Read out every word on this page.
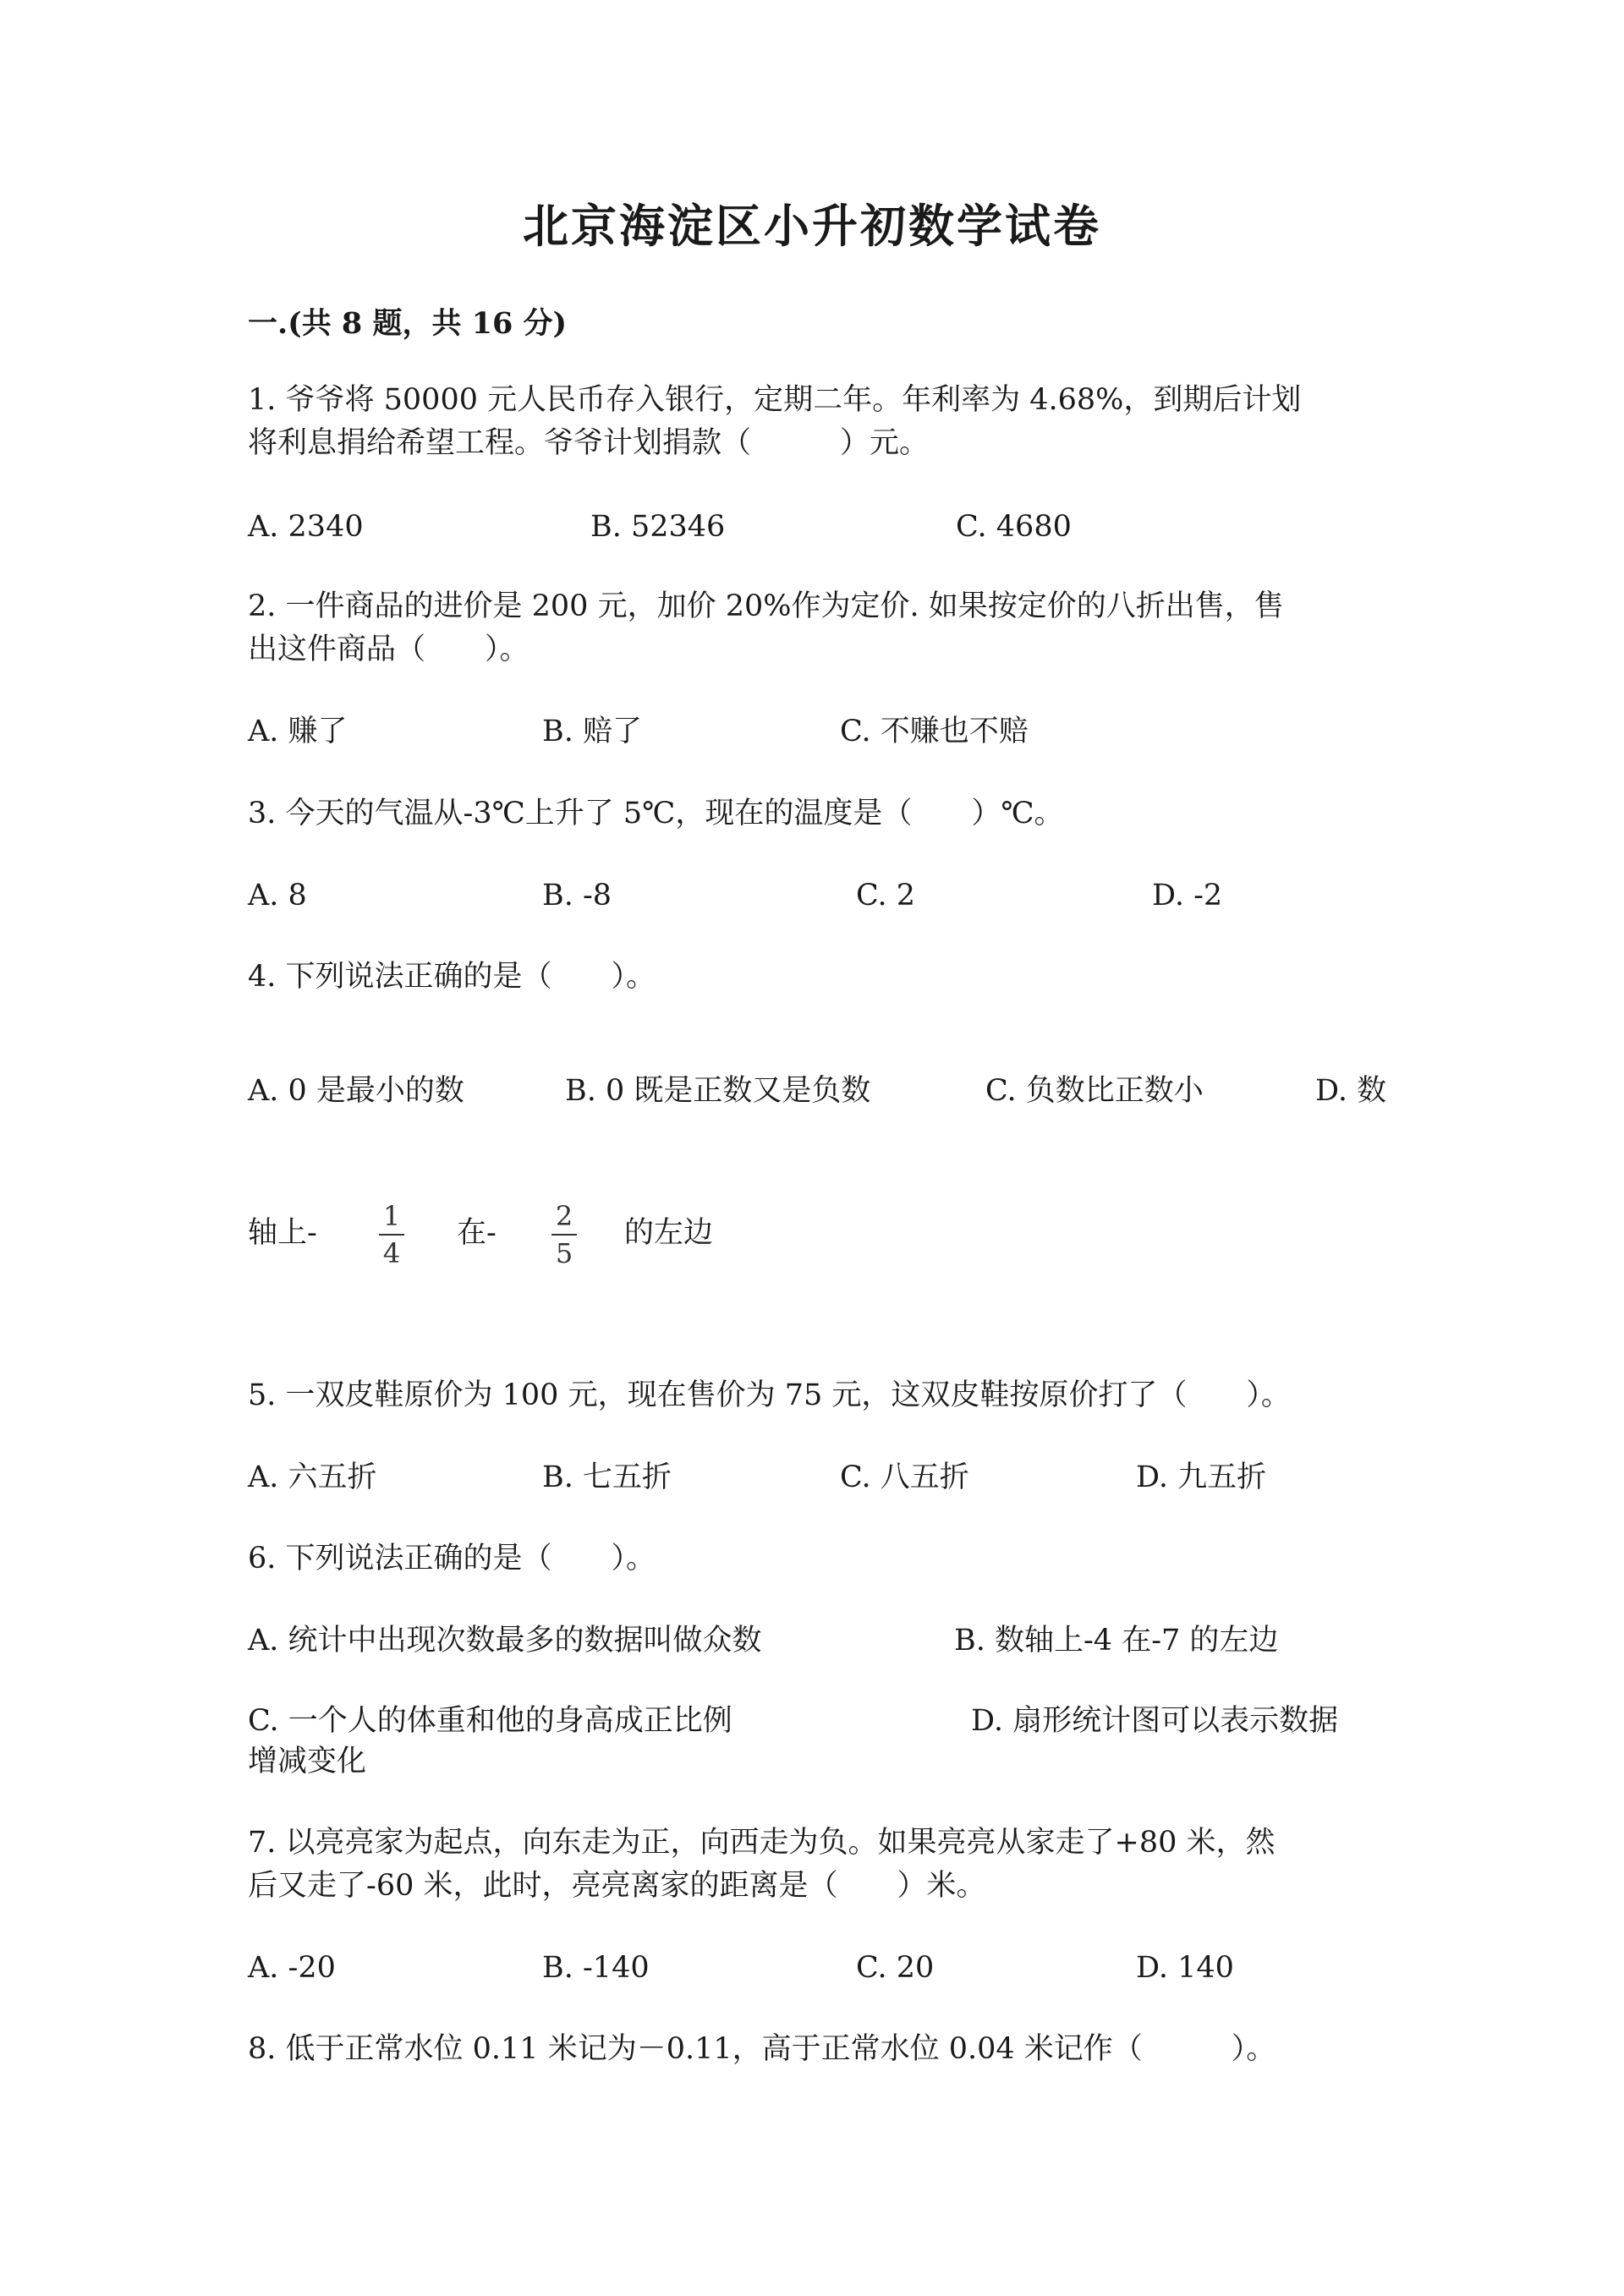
北京海淀区小升初数学试卷
一.(共 8 题，共 16 分)
1. 爷爷将 50000 元人民币存入银行，定期二年。年利率为 4.68%，到期后计划
将利息捐给希望工程。爷爷计划捐款（　　　）元。
A. 2340	B. 52346	C. 4680
2. 一件商品的进价是 200 元，加价 20%作为定价. 如果按定价的八折出售，售
出这件商品（　　）。
A. 赚了	B. 赔了	C. 不赚也不赔
3. 今天的气温从-3℃上升了 5℃，现在的温度是（　　）℃。
A. 8	B. -8	C. 2	D. -2
4. 下列说法正确的是（　　）。
A. 0 是最小的数	B. 0 既是正数又是负数	C. 负数比正数小	D. 数
轴上-	1
4
在-	2
5
的左边
5. 一双皮鞋原价为 100 元，现在售价为 75 元，这双皮鞋按原价打了（　　）。
A. 六五折	B. 七五折	C. 八五折	D. 九五折
6. 下列说法正确的是（　　）。
A. 统计中出现次数最多的数据叫做众数	B. 数轴上-4 在-7 的左边
C. 一个人的体重和他的身高成正比例	D. 扇形统计图可以表示数据
增减变化
7. 以亮亮家为起点，向东走为正，向西走为负。如果亮亮从家走了+80 米，然
后又走了-60 米，此时，亮亮离家的距离是（　　）米。
A. -20	B. -140	C. 20	D. 140
8. 低于正常水位 0.11 米记为－0.11，高于正常水位 0.04 米记作（　　　）。
